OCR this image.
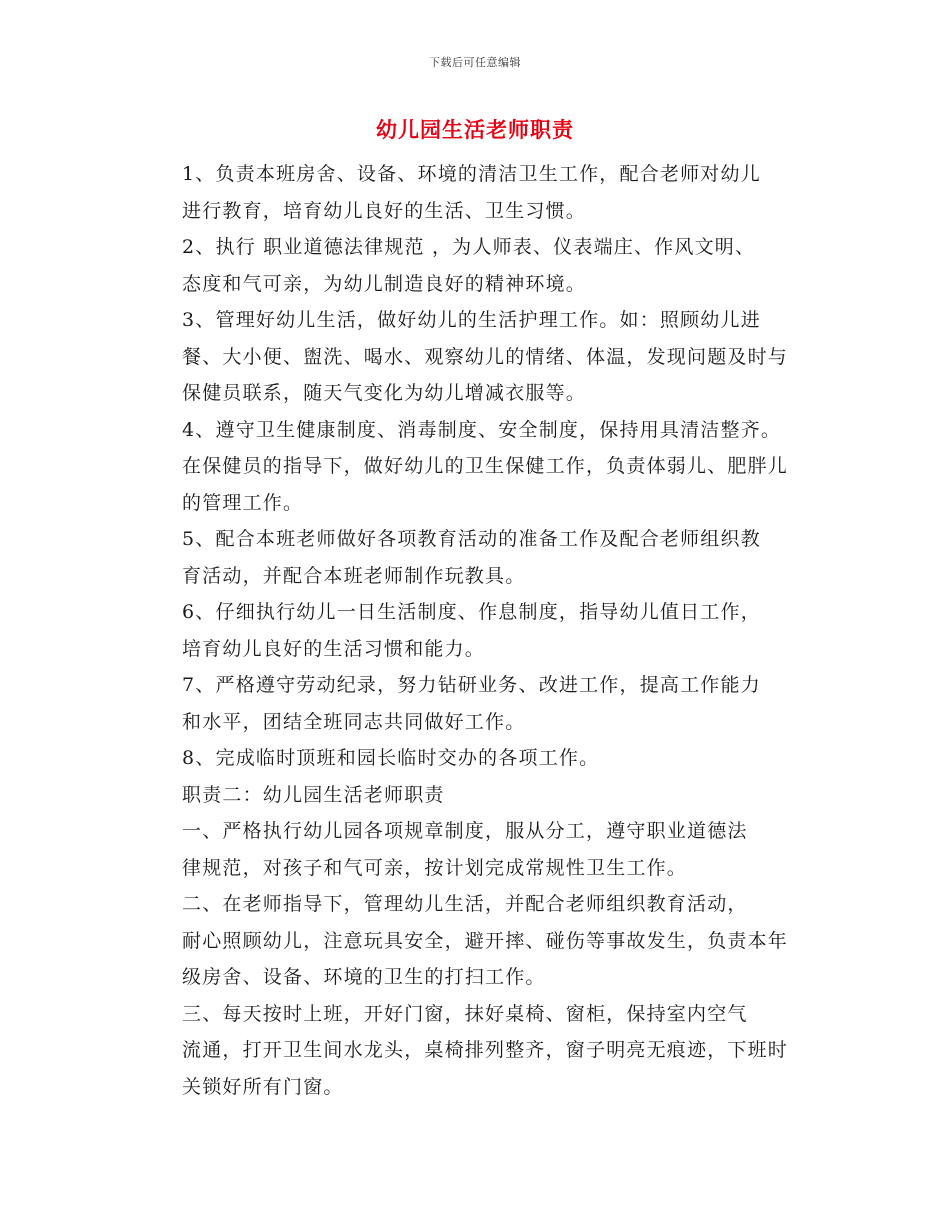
下载后可任意编辑
幼儿园生活老师职责

1、负责本班房舍、设备、环境的清洁卫生工作，配合老师对幼儿
进行教育，培育幼儿良好的生活、卫生习惯。

2、执行 职业道德法律规范 ，为人师表、仪表端庄、作风文明、
态度和气可亲，为幼儿制造良好的精神环境。

3、管理好幼儿生活，做好幼儿的生活护理工作。如：照顾幼儿进
餐、大小便、盥洗、喝水、观察幼儿的情绪、体温，发现问题及时与
保健员联系，随天气变化为幼儿增减衣服等。

4、遵守卫生健康制度、消毒制度、安全制度，保持用具清洁整齐。
在保健员的指导下，做好幼儿的卫生保健工作，负责体弱儿、肥胖儿
的管理工作。

5、配合本班老师做好各项教育活动的准备工作及配合老师组织教
育活动，并配合本班老师制作玩教具。

6、仔细执行幼儿一日生活制度、作息制度，指导幼儿值日工作，
培育幼儿良好的生活习惯和能力。

7、严格遵守劳动纪录，努力钻研业务、改进工作，提高工作能力
和水平，团结全班同志共同做好工作。

8、完成临时顶班和园长临时交办的各项工作。

职责二：幼儿园生活老师职责

一、严格执行幼儿园各项规章制度，服从分工，遵守职业道德法
律规范，对孩子和气可亲，按计划完成常规性卫生工作。

二、在老师指导下，管理幼儿生活，并配合老师组织教育活动，
耐心照顾幼儿，注意玩具安全，避开摔、碰伤等事故发生，负责本年
级房舍、设备、环境的卫生的打扫工作。

三、每天按时上班，开好门窗，抹好桌椅、窗柜，保持室内空气
流通，打开卫生间水龙头，桌椅排列整齐，窗子明亮无痕迹，下班时
关锁好所有门窗。
